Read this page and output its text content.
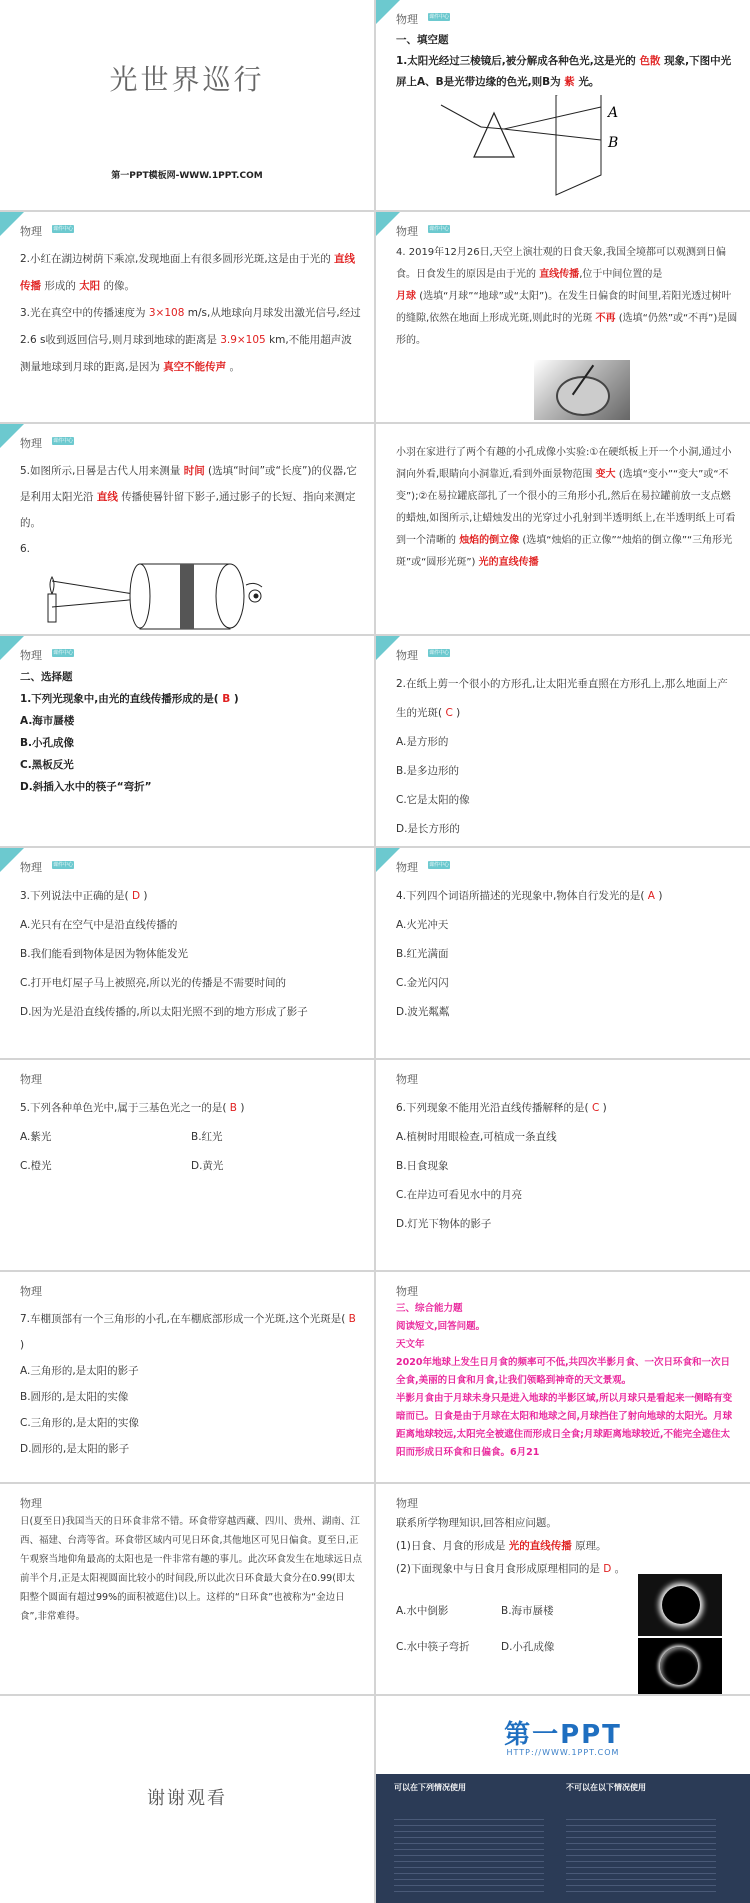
光世界巡行
第一PPT模板网-WWW.1PPT.COM
物理 课件中心

一、填空题

1.太阳光经过三棱镜后,被分解成各种色光,这是光的 色散 现象,下图中光屏上A、B是光带边缘的色光,则B为 紫 光。

A
B
物理 课件中心

2.小红在湖边树荫下乘凉,发现地面上有很多圆形光斑,这是由于光的 直线传播 形成的 太阳 的像。

3.光在真空中的传播速度为 3×108 m/s,从地球向月球发出激光信号,经过2.6 s收到返回信号,则月球到地球的距离是 3.9×105 km,不能用超声波测量地球到月球的距离,是因为 真空不能传声 。

物理 课件中心

4. 2019年12月26日,天空上演壮观的日食天象,我国全境都可以观测到日偏食。日食发生的原因是由于光的 直线传播,位于中间位置的是
月球 (选填“月球”“地球”或“太阳”)。在发生日偏食的时间里,若阳光透过树叶的缝隙,依然在地面上形成光斑,则此时的光斑 不再 (选填“仍然”或“不再”)是圆形的。

物理 课件中心

5.如图所示,日晷是古代人用来测量 时间 (选填“时间”或“长度”)的仪器,它是利用太阳光沿 直线 传播使晷针留下影子,通过影子的长短、指向来测定的。

6.

小羽在家进行了两个有趣的小孔成像小实验:①在硬纸板上开一个小洞,通过小洞向外看,眼睛向小洞靠近,看到外面景物范围 变大 (选填“变小”“变大”或“不变”);②在易拉罐底部扎了一个很小的三角形小孔,然后在易拉罐前放一支点燃的蜡烛,如图所示,让蜡烛发出的光穿过小孔射到半透明纸上,在半透明纸上可看到一个清晰的 烛焰的倒立像 (选填“烛焰的正立像”“烛焰的倒立像”“三角形光斑”或“圆形光斑”) 光的直线传播

物理 课件中心

二、选择题

1.下列光现象中,由光的直线传播形成的是( B )

A.海市蜃楼

B.小孔成像

C.黑板反光

D.斜插入水中的筷子“弯折”

物理 课件中心

2.在纸上剪一个很小的方形孔,让太阳光垂直照在方形孔上,那么地面上产生的光斑( C )

A.是方形的

B.是多边形的

C.它是太阳的像

D.是长方形的

物理 课件中心

3.下列说法中正确的是( D )

A.光只有在空气中是沿直线传播的

B.我们能看到物体是因为物体能发光

C.打开电灯屋子马上被照亮,所以光的传播是不需要时间的

D.因为光是沿直线传播的,所以太阳光照不到的地方形成了影子

物理 课件中心

4.下列四个词语所描述的光现象中,物体自行发光的是( A )

A.火光冲天

B.红光满面

C.金光闪闪

D.波光粼粼

物理

5.下列各种单色光中,属于三基色光之一的是( B )

A.紫光	B.红光
C.橙光	D.黄光
物理

6.下列现象不能用光沿直线传播解释的是( C )

A.植树时用眼检查,可植成一条直线

B.日食现象

C.在岸边可看见水中的月亮

D.灯光下物体的影子

物理

7.车棚顶部有一个三角形的小孔,在车棚底部形成一个光斑,这个光斑是( B )

A.三角形的,是太阳的影子

B.圆形的,是太阳的实像

C.三角形的,是太阳的实像

D.圆形的,是太阳的影子

物理

三、综合能力题

阅读短文,回答问题。

天文年

2020年地球上发生日月食的频率可不低,共四次半影月食、一次日环食和一次日全食,美丽的日食和月食,让我们领略到神奇的天文景观。

半影月食由于月球未身只是进入地球的半影区域,所以月球只是看起来一侧略有变暗而已。日食是由于月球在太阳和地球之间,月球挡住了射向地球的太阳光。月球距离地球较远,太阳完全被遮住而形成日全食;月球距离地球较近,不能完全遮住太阳而形成日环食和日偏食。6月21

物理

日(夏至日)我国当天的日环食非常不错。环食带穿越西藏、四川、贵州、湖南、江西、福建、台湾等省。环食带区域内可见日环食,其他地区可见日偏食。夏至日,正午观察当地仰角最高的太阳也是一件非常有趣的事儿。此次环食发生在地球远日点前半个月,正是太阳视圆面比较小的时间段,所以此次日环食最大食分在0.99(即太阳整个圆面有超过99%的面积被遮住)以上。这样的“日环食”也被称为“金边日食”,非常难得。

物理

联系所学物理知识,回答相应问题。

(1)日食、月食的形成是 光的直线传播 原理。

(2)下面现象中与日食月食形成原理相同的是 D 。

A.水中倒影	B.海市蜃楼
C.水中筷子弯折	D.小孔成像
谢谢观看
第一PPT
HTTP://WWW.1PPT.COM
可以在下列情况使用	不可以在以下情况使用
